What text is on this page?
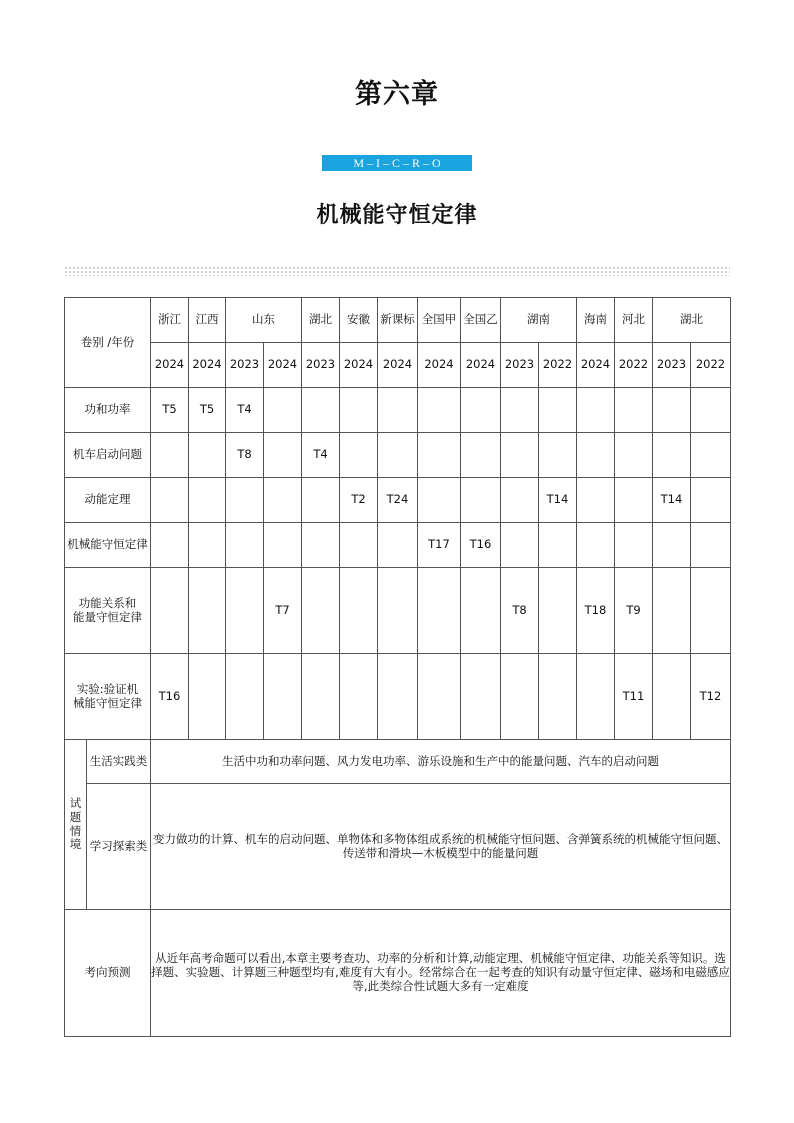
第六章
M – I – C – R – O
机械能守恒定律
卷别 /年份		浙江	江西	山东		湖北	安徽	新课标	全国甲	全国乙	湖南		海南	河北	湖北	
		2024	2024	2023	2024	2023	2024	2024	2024	2024	2023	2022	2024	2022	2023	2022
功和功率		T5	T5	T4												
机车启动问题				T8		T4										
动能定理							T2	T24				T14			T14	
机械能守恒定律									T17	T16						

功能关系和
能量守恒定律					T7						T8		T18	T9		

实验:验证机
械能守恒定律		T16												T11		T12

试
题
情
境	生活实践类	生活中功和功率问题、风力发电功率、游乐设施和生产中的能量问题、汽车的启动问题														
	学习探索类	变力做功的计算、机车的启动问题、单物体和多物体组成系统的机械能守恒问题、含弹簧系统的机械能守恒问题、传送带和滑块—木板模型中的能量问题														
考向预测		从近年高考命题可以看出,本章主要考查功、功率的分析和计算,动能定理、机械能守恒定律、功能关系等知识。选择题、实验题、计算题三种题型均有,难度有大有小。经常综合在一起考查的知识有动量守恒定律、磁场和电磁感应等,此类综合性试题大多有一定难度														
